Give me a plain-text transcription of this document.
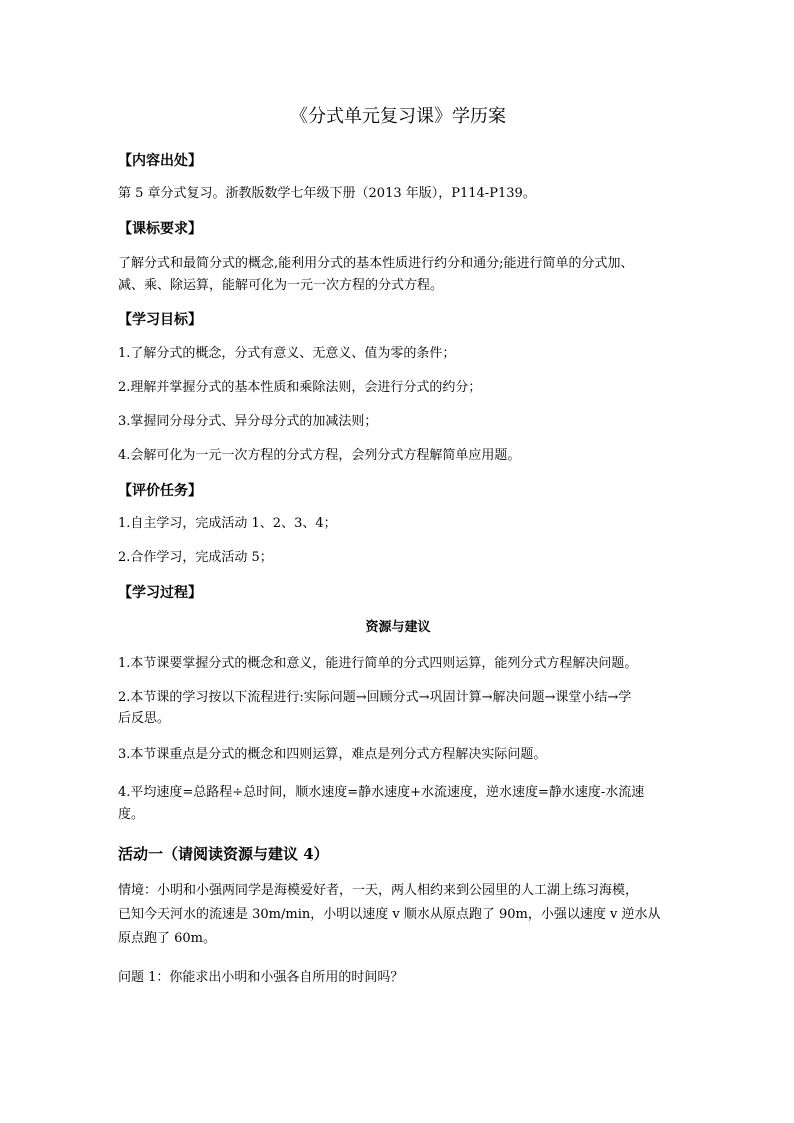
《分式单元复习课》学历案
【内容出处】
第 5 章分式复习。浙教版数学七年级下册（2013 年版），P114-P139。
【课标要求】
了解分式和最简分式的概念,能利用分式的基本性质进行约分和通分;能进行简单的分式加、
减、乘、除运算，能解可化为一元一次方程的分式方程。
【学习目标】
1.了解分式的概念，分式有意义、无意义、值为零的条件；
2.理解并掌握分式的基本性质和乘除法则，会进行分式的约分；
3.掌握同分母分式、异分母分式的加减法则；
4.会解可化为一元一次方程的分式方程，会列分式方程解简单应用题。
【评价任务】
1.自主学习，完成活动 1、2、3、4；
2.合作学习，完成活动 5；
【学习过程】
资源与建议
1.本节课要掌握分式的概念和意义，能进行简单的分式四则运算，能列分式方程解决问题。
2.本节课的学习按以下流程进行:实际问题→回顾分式→巩固计算→解决问题→课堂小结→学
后反思。
3.本节课重点是分式的概念和四则运算，难点是列分式方程解决实际问题。
4.平均速度=总路程÷总时间，顺水速度=静水速度+水流速度，逆水速度=静水速度-水流速
度。
活动一（请阅读资源与建议 4）
情境：小明和小强两同学是海模爱好者，一天，两人相约来到公园里的人工湖上练习海模，
已知今天河水的流速是 30m/min，小明以速度 v 顺水从原点跑了 90m，小强以速度 v 逆水从
原点跑了 60m。
问题 1：你能求出小明和小强各自所用的时间吗？
